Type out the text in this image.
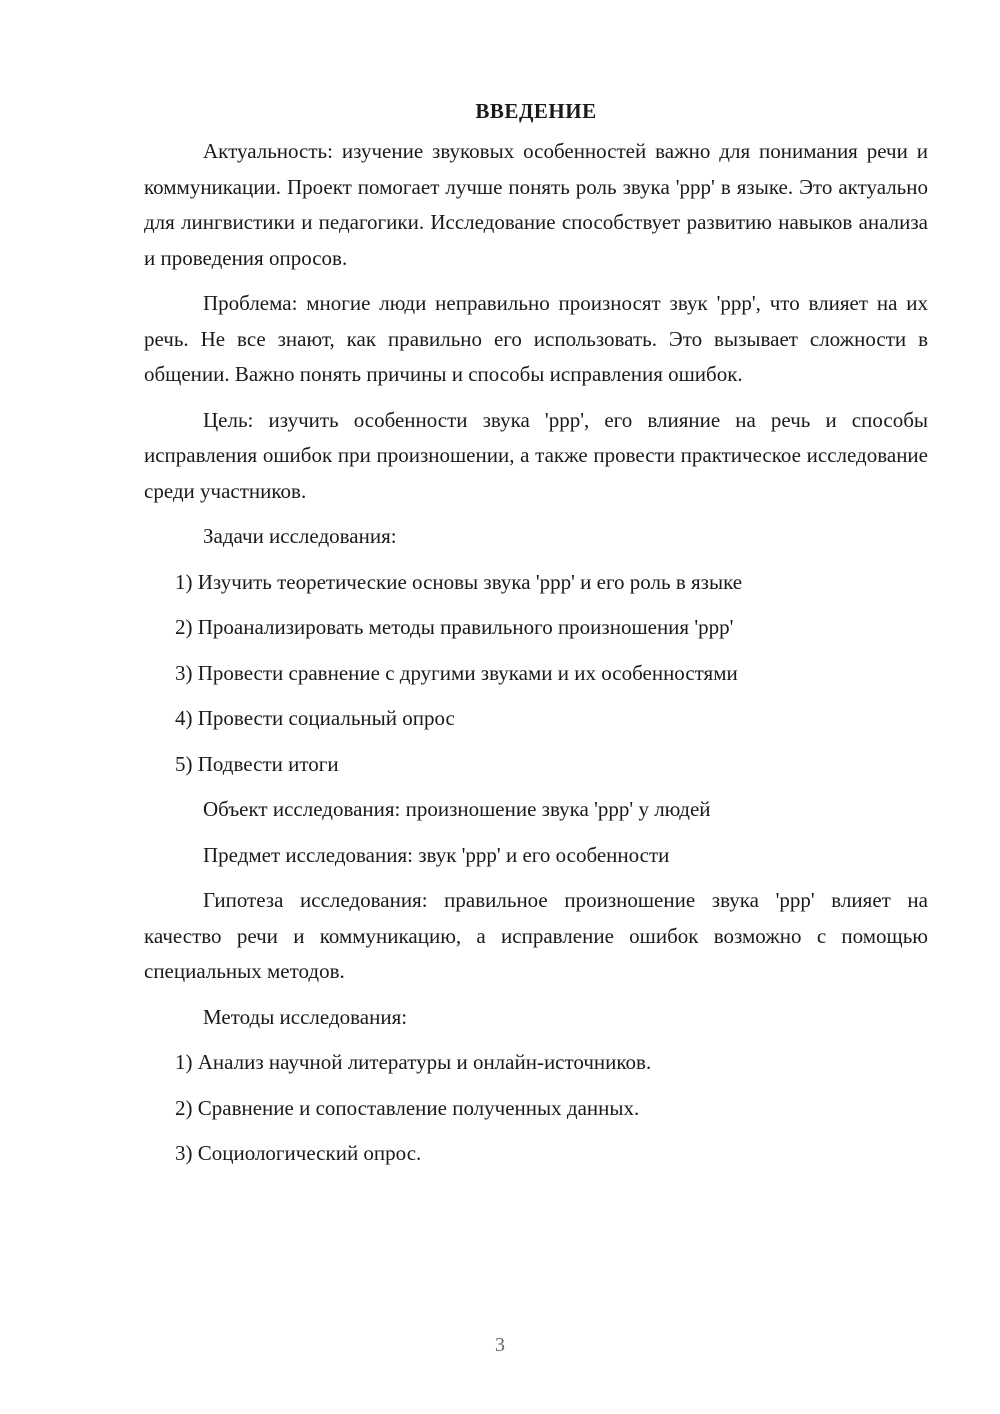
ВВЕДЕНИЕ

Актуальность: изучение звуковых особенностей важно для понимания речи и коммуникации. Проект помогает лучше понять роль звука 'ррр' в языке. Это актуально для лингвистики и педагогики. Исследование способствует развитию навыков анализа и проведения опросов.

Проблема: многие люди неправильно произносят звук 'ррр', что влияет на их речь. Не все знают, как правильно его использовать. Это вызывает сложности в общении. Важно понять причины и способы исправления ошибок.

Цель: изучить особенности звука 'ррр', его влияние на речь и способы исправления ошибок при произношении, а также провести практическое исследование среди участников.

Задачи исследования:
1) Изучить теоретические основы звука 'ррр' и его роль в языке
2) Проанализировать методы правильного произношения 'ррр'
3) Провести сравнение с другими звуками и их особенностями
4) Провести социальный опрос
5) Подвести итоги
Объект исследования: произношение звука 'ррр' у людей
Предмет исследования: звук 'ррр' и его особенности

Гипотеза исследования: правильное произношение звука 'ррр' влияет на качество речи и коммуникацию, а исправление ошибок возможно с помощью специальных методов.

Методы исследования:
1) Анализ научной литературы и онлайн-источников.
2) Сравнение и сопоставление полученных данных.
3) Социологический опрос.
3
